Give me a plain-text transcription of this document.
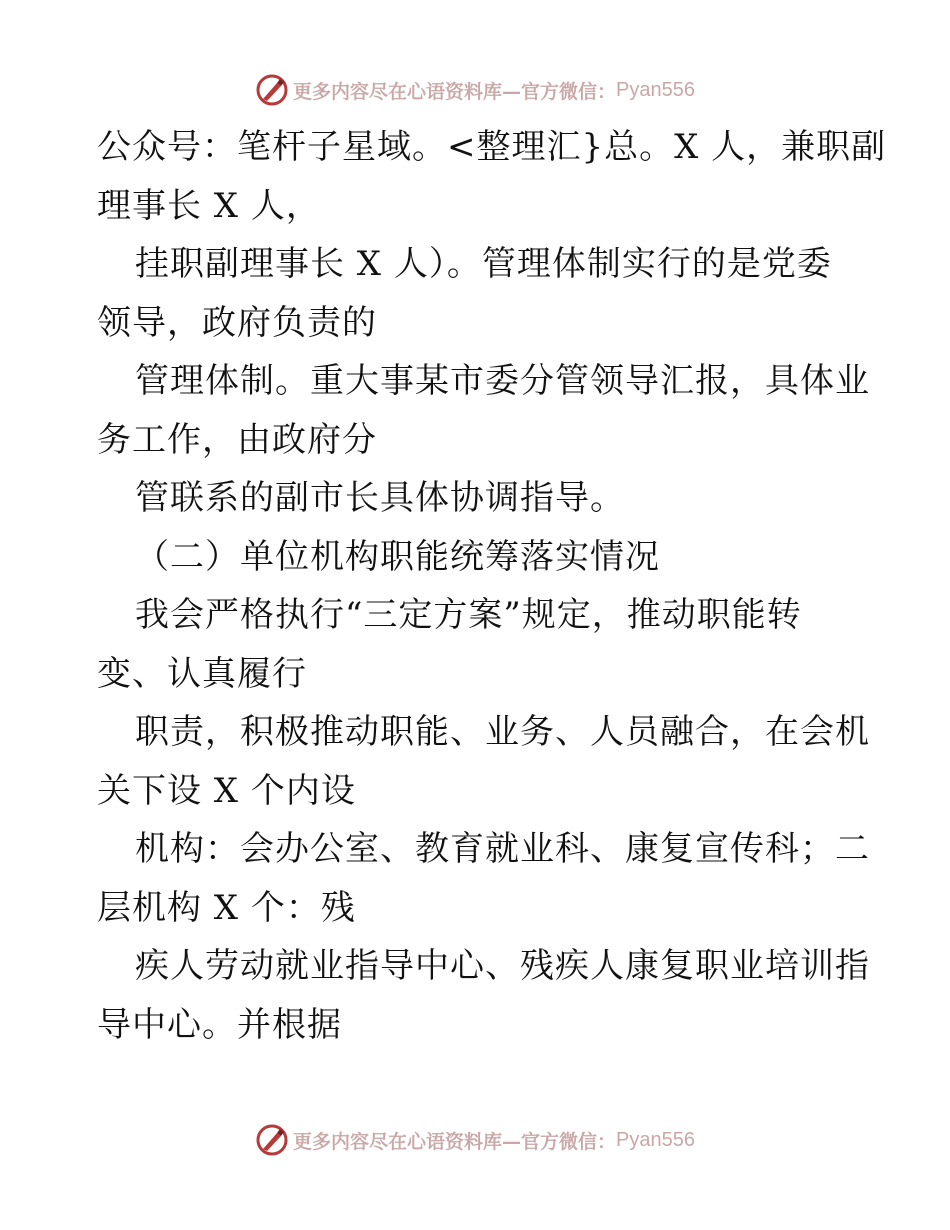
更多内容尽在心语资料库—官方微信： Pyan556
公众号：笔杆子星域。<整理汇}总。X 人，兼职副
理事长 X 人，
挂职副理事长 X 人）。管理体制实行的是党委
领导，政府负责的
管理体制。重大事某市委分管领导汇报，具体业
务工作，由政府分
管联系的副市长具体协调指导。
（二）单位机构职能统筹落实情况
我会严格执行“三定方案”规定，推动职能转
变、认真履行
职责，积极推动职能、业务、人员融合，在会机
关下设 X 个内设
机构：会办公室、教育就业科、康复宣传科；二
层机构 X 个：残
疾人劳动就业指导中心、残疾人康复职业培训指
导中心。并根据
更多内容尽在心语资料库—官方微信： Pyan556
